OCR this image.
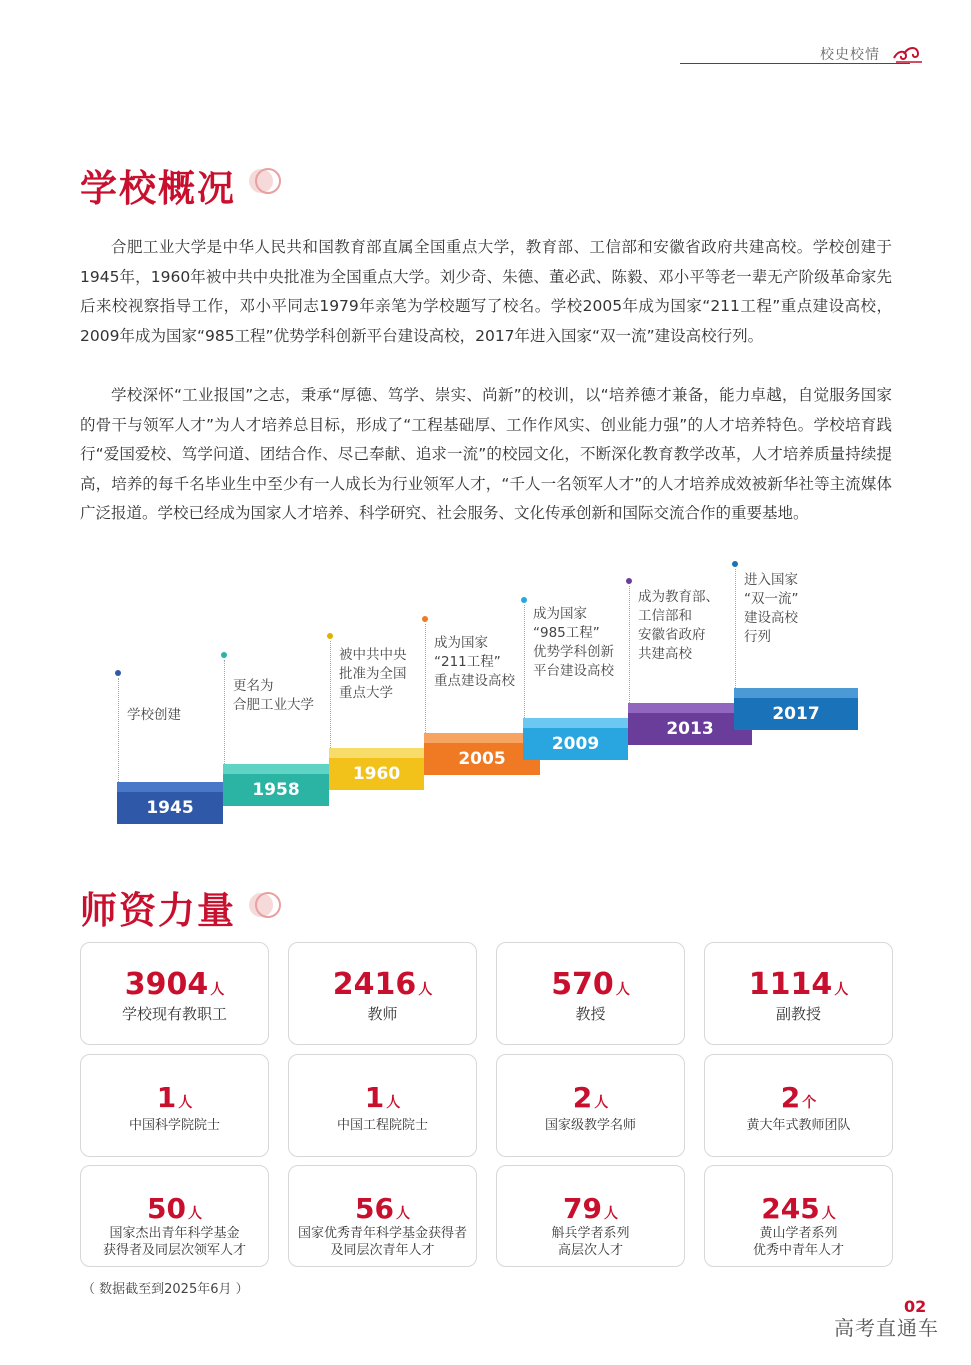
校史校情
学校概况

合肥工业大学是中华人民共和国教育部直属全国重点大学，教育部、工信部和安徽省政府共建高校。学校创建于1945年，1960年被中共中央批准为全国重点大学。刘少奇、朱德、董必武、陈毅、邓小平等老一辈无产阶级革命家先后来校视察指导工作，邓小平同志1979年亲笔为学校题写了校名。学校2005年成为国家“211工程”重点建设高校，2009年成为国家“985工程”优势学科创新平台建设高校，2017年进入国家“双一流”建设高校行列。

学校深怀“工业报国”之志，秉承“厚德、笃学、崇实、尚新”的校训，以“培养德才兼备，能力卓越，自觉服务国家的骨干与领军人才”为人才培养总目标，形成了“工程基础厚、工作作风实、创业能力强”的人才培养特色。学校培育践行“爱国爱校、笃学问道、团结合作、尽己奉献、追求一流”的校园文化，不断深化教育教学改革，人才培养质量持续提高，培养的每千名毕业生中至少有一人成长为行业领军人才，“千人一名领军人才”的人才培养成效被新华社等主流媒体广泛报道。学校已经成为国家人才培养、科学研究、社会服务、文化传承创新和国际交流合作的重要基地。

1945
学校创建
1958
更名为
合肥工业大学
1960
被中共中央
批准为全国
重点大学
2005
成为国家
“211工程”
重点建设高校
2009
成为国家
“985工程”
优势学科创新
平台建设高校
2013
成为教育部、
工信部和
安徽省政府
共建高校
2017
进入国家
“双一流”
建设高校
行列
师资力量
3904 人
学校现有教职工
2416 人
教师
570 人
教授
1114 人
副教授
1 人
中国科学院院士
1 人
中国工程院院士
2 人
国家级教学名师
2 个
黄大年式教师团队
50 人
国家杰出青年科学基金
获得者及同层次领军人才
56 人
国家优秀青年科学基金获得者
及同层次青年人才
79 人
斛兵学者系列
高层次人才
245 人
黄山学者系列
优秀中青年人才
（ 数据截至到2025年6月 ）
02
高考直通车
